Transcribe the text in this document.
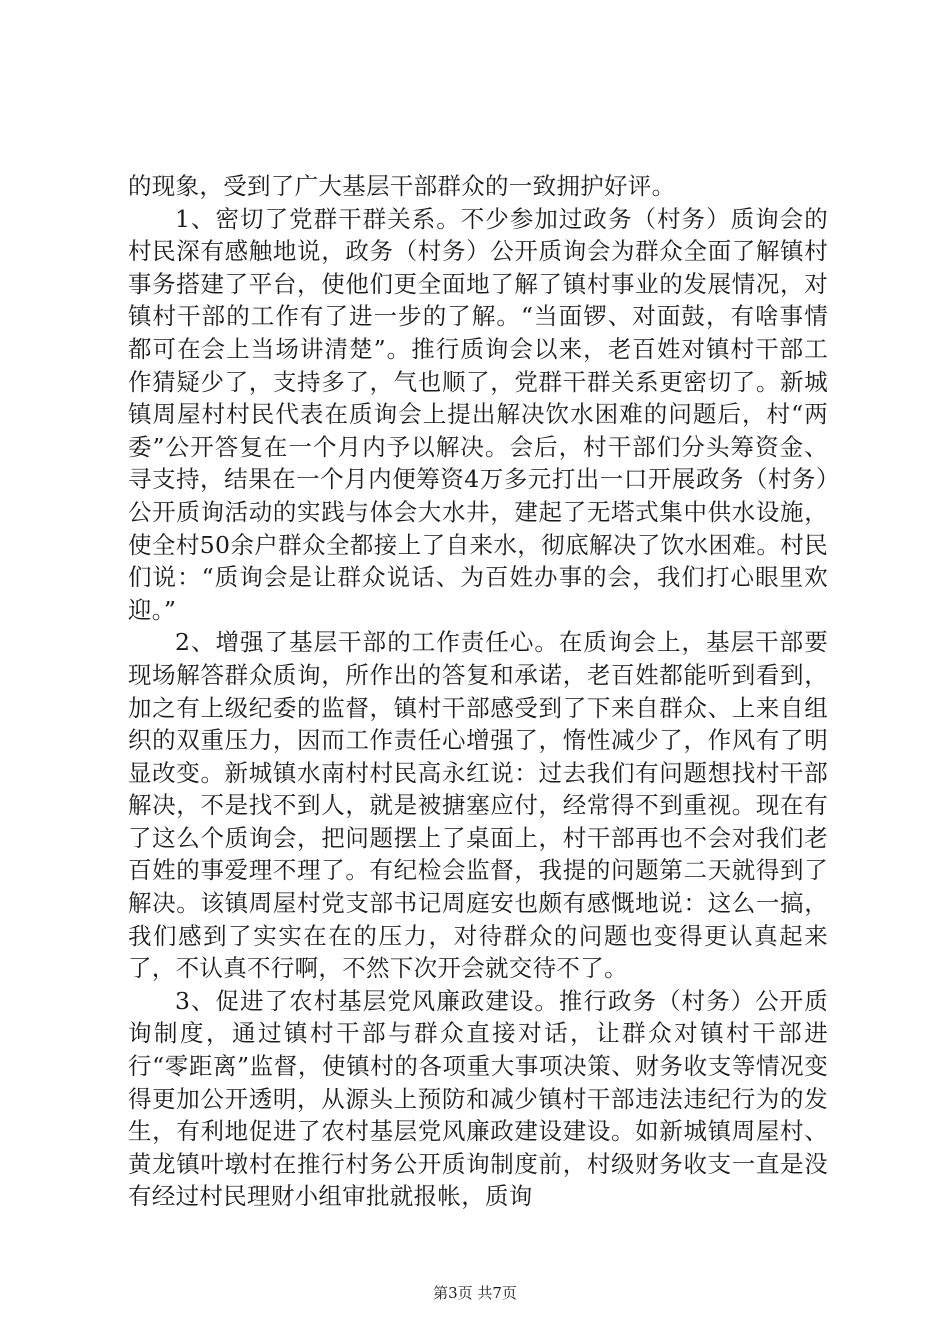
的现象，受到了广大基层干部群众的一致拥护好评。

1、密切了党群干群关系。不少参加过政务（村务）质询会的村民深有感触地说，政务（村务）公开质询会为群众全面了解镇村事务搭建了平台，使他们更全面地了解了镇村事业的发展情况，对镇村干部的工作有了进一步的了解。“当面锣、对面鼓，有啥事情都可在会上当场讲清楚”。推行质询会以来，老百姓对镇村干部工作猜疑少了，支持多了，气也顺了，党群干群关系更密切了。新城镇周屋村村民代表在质询会上提出解决饮水困难的问题后，村“两委”公开答复在一个月内予以解决。会后，村干部们分头筹资金、寻支持，结果在一个月内便筹资4万多元打出一口开展政务（村务）公开质询活动的实践与体会大水井，建起了无塔式集中供水设施，使全村50余户群众全都接上了自来水，彻底解决了饮水困难。村民们说：“质询会是让群众说话、为百姓办事的会，我们打心眼里欢迎。”

2、增强了基层干部的工作责任心。在质询会上，基层干部要现场解答群众质询，所作出的答复和承诺，老百姓都能听到看到，加之有上级纪委的监督，镇村干部感受到了下来自群众、上来自组织的双重压力，因而工作责任心增强了，惰性减少了，作风有了明显改变。新城镇水南村村民高永红说：过去我们有问题想找村干部解决，不是找不到人，就是被搪塞应付，经常得不到重视。现在有了这么个质询会，把问题摆上了桌面上，村干部再也不会对我们老百姓的事爱理不理了。有纪检会监督，我提的问题第二天就得到了解决。该镇周屋村党支部书记周庭安也颇有感慨地说：这么一搞，我们感到了实实在在的压力，对待群众的问题也变得更认真起来了，不认真不行啊，不然下次开会就交待不了。

3、促进了农村基层党风廉政建设。推行政务（村务）公开质询制度，通过镇村干部与群众直接对话，让群众对镇村干部进行“零距离”监督，使镇村的各项重大事项决策、财务收支等情况变得更加公开透明，从源头上预防和减少镇村干部违法违纪行为的发生，有利地促进了农村基层党风廉政建设建设。如新城镇周屋村、黄龙镇叶墩村在推行村务公开质询制度前，村级财务收支一直是没有经过村民理财小组审批就报帐，质询

第3页 共7页
